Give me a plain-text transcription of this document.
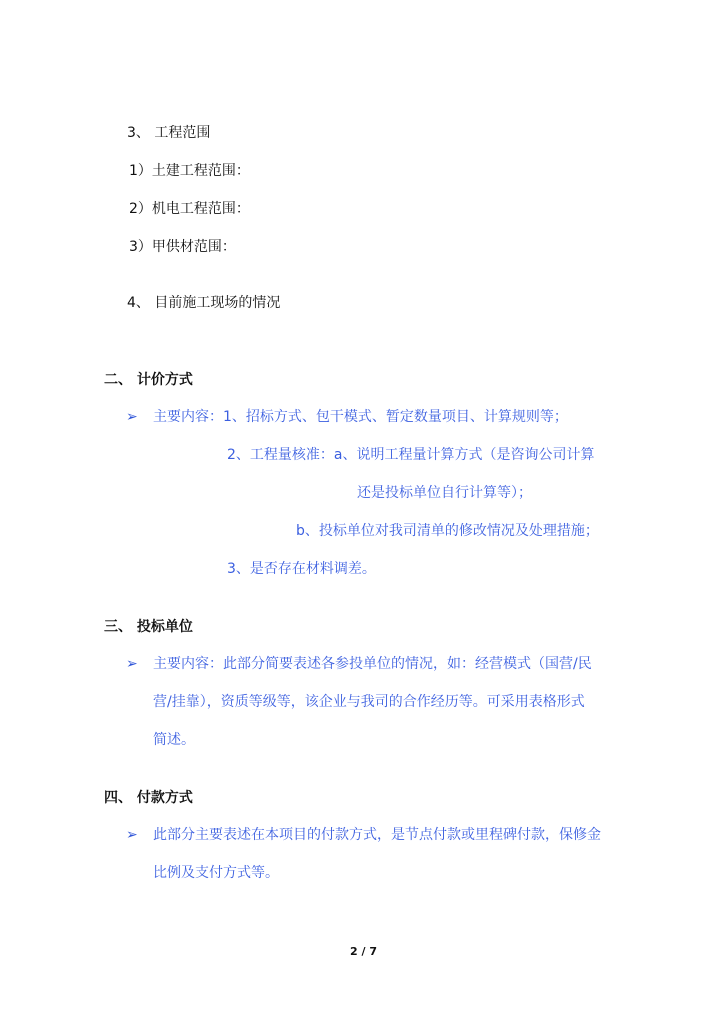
3、 工程范围
1）土建工程范围：
2）机电工程范围：
3）甲供材范围：
4、 目前施工现场的情况
二、 计价方式
➢ 主要内容：1、招标方式、包干模式、暂定数量项目、计算规则等；
2、工程量核准：a、说明工程量计算方式（是咨询公司计算
还是投标单位自行计算等）；
b、投标单位对我司清单的修改情况及处理措施；
3、是否存在材料调差。
三、 投标单位
➢ 主要内容：此部分简要表述各参投单位的情况，如：经营模式（国营/民
营/挂靠），资质等级等，该企业与我司的合作经历等。可采用表格形式
简述。
四、 付款方式
➢ 此部分主要表述在本项目的付款方式，是节点付款或里程碑付款，保修金
比例及支付方式等。
2 / 7
